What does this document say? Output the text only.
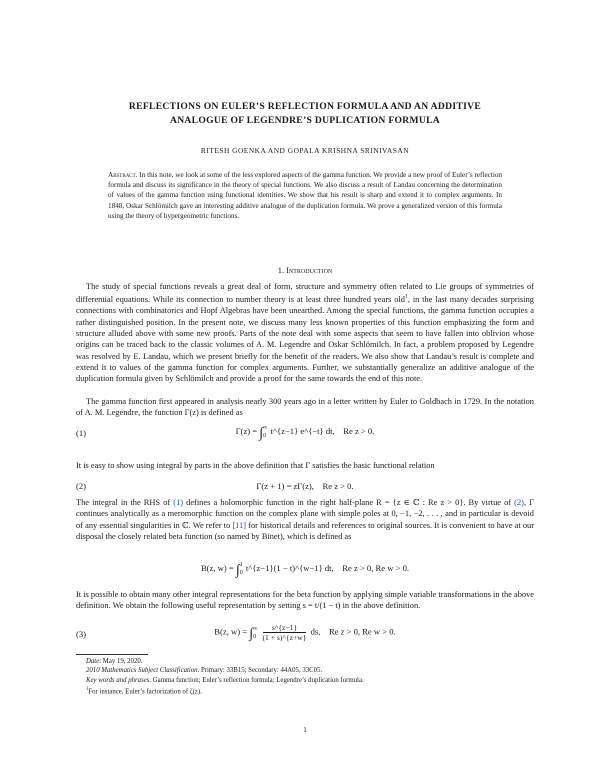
REFLECTIONS ON EULER’S REFLECTION FORMULA AND AN ADDITIVE
ANALOGUE OF LEGENDRE’S DUPLICATION FORMULA
RITESH GOENKA AND GOPALA KRISHNA SRINIVASAN
Abstract. In this note, we look at some of the less explored aspects of the gamma function. We provide a new proof of Euler’s reflection formula and discuss its significance in the theory of special functions. We also discuss a result of Landau concerning the determination of values of the gamma function using functional identities. We show that his result is sharp and extend it to complex arguments. In 1848, Oskar Schlömilch gave an interesting additive analogue of the duplication formula. We prove a generalized version of this formula using the theory of hypergeometric functions.
1. Introduction
The study of special functions reveals a great deal of form, structure and symmetry often related to Lie groups of symmetries of differential equations. While its connection to number theory is at least three hundred years old$^1$, in the last many decades surprising connections with combinatorics and Hopf Algebras have been unearthed. Among the special functions, the gamma function occupies a rather distinguished position. In the present note, we discuss many less known properties of this function emphasizing the form and structure alluded above with some new proofs. Parts of the note deal with some aspects that seem to have fallen into oblivion whose origins can be traced back to the classic volumes of A. M. Legendre and Oskar Schlömilch. In fact, a problem proposed by Legendre was resolved by E. Landau, which we present briefly for the benefit of the readers. We also show that Landau’s result is complete and extend it to values of the gamma function for complex arguments. Further, we substantially generalize an additive analogue of the duplication formula given by Schlömilch and provide a proof for the same towards the end of this note.
The gamma function first appeared in analysis nearly 300 years ago in a letter written by Euler to Goldbach in 1729. In the notation of A. M. Legendre, the function Γ(z) is defined as
(1)	Γ(z) = ∫∞
0 t^{z−1} e^{−t} dt, Re z > 0.
It is easy to show using integral by parts in the above definition that Γ satisfies the basic functional relation
(2)	Γ(z + 1) = zΓ(z), Re z > 0.
The integral in the RHS of (1) defines a holomorphic function in the right half-plane R = {z ∈ ℂ : Re z > 0}. By virtue of (2), Γ continues analytically as a meromorphic function on the complex plane with simple poles at 0, −1, −2, . . . , and in particular is devoid of any essential singularities in ℂ. We refer to [11] for historical details and references to original sources. It is convenient to have at our disposal the closely related beta function (so named by Binet), which is defined as
B(z, w) = ∫1
0 t^{z−1}(1 − t)^{w−1} dt, Re z > 0, Re w > 0.
It is possible to obtain many other integral representations for the beta function by applying simple variable transformations in the above definition. We obtain the following useful representation by setting s = t/(1 − t) in the above definition.
(3)	B(z, w) = ∫∞
$0 \frac{s\^{}\{z-1\}}{(1 + s)\^{}\{z+w\}}$ ds, Re z > 0, Re w > 0.
Date: May 19, 2020.
2010 Mathematics Subject Classification. Primary: 33B15; Secondary: 44A05, 33C05.
Key words and phrases. Gamma function; Euler’s reflection formula; Legendre’s duplication formula.
$^1$For instance, Euler’s factorization of ζ(z).
1
